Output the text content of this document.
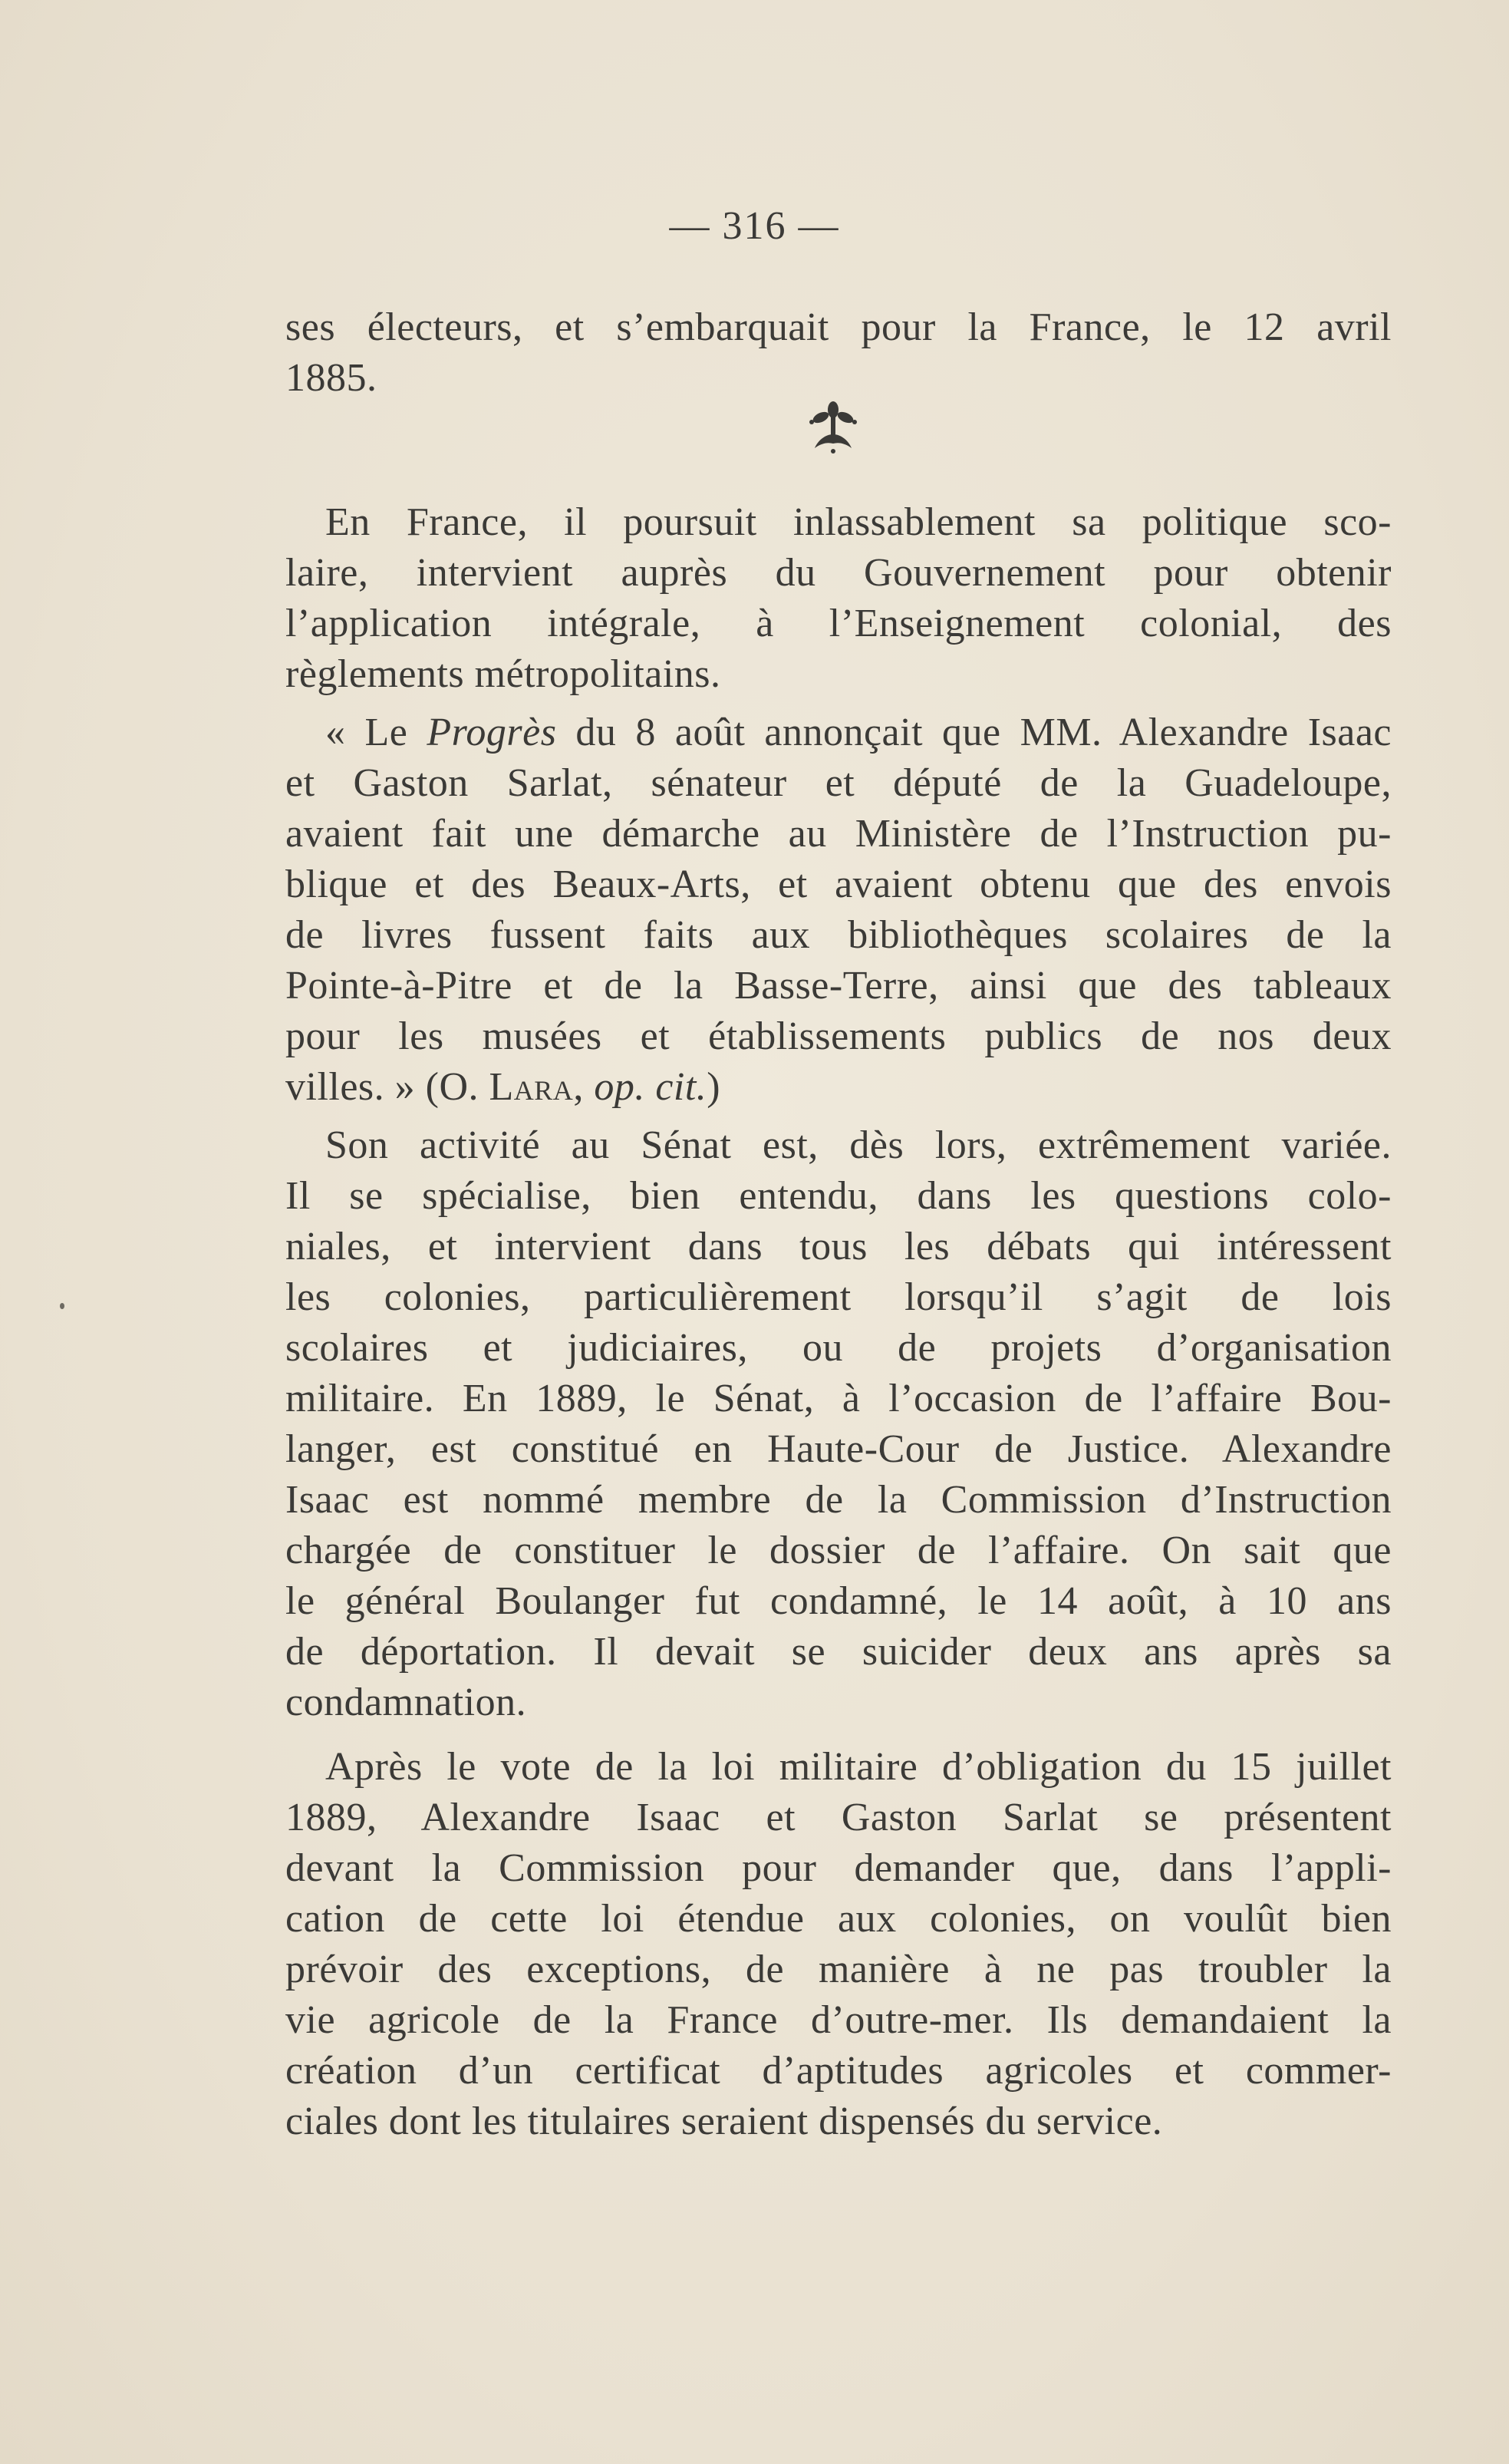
— 316 —

ses électeurs, et s’embarquait pour la France, le 12 avril
1885.
En France, il poursuit inlassablement sa politique sco-
laire, intervient auprès du Gouvernement pour obtenir
l’application intégrale, à l’Enseignement colonial, des
règlements métropolitains.
« Le Progrès du 8 août annonçait que MM. Alexandre Isaac
et Gaston Sarlat, sénateur et député de la Guadeloupe,
avaient fait une démarche au Ministère de l’Instruction pu-
blique et des Beaux-Arts, et avaient obtenu que des envois
de livres fussent faits aux bibliothèques scolaires de la
Pointe-à-Pitre et de la Basse-Terre, ainsi que des tableaux
pour les musées et établissements publics de nos deux
villes. » (O. Lara, op. cit.)
Son activité au Sénat est, dès lors, extrêmement variée.
Il se spécialise, bien entendu, dans les questions colo-
niales, et intervient dans tous les débats qui intéressent
les colonies, particulièrement lorsqu’il s’agit de lois
scolaires et judiciaires, ou de projets d’organisation
militaire. En 1889, le Sénat, à l’occasion de l’affaire Bou-
langer, est constitué en Haute-Cour de Justice. Alexandre
Isaac est nommé membre de la Commission d’Instruction
chargée de constituer le dossier de l’affaire. On sait que
le général Boulanger fut condamné, le 14 août, à 10 ans
de déportation. Il devait se suicider deux ans après sa
condamnation.
Après le vote de la loi militaire d’obligation du 15 juillet
1889, Alexandre Isaac et Gaston Sarlat se présentent
devant la Commission pour demander que, dans l’appli-
cation de cette loi étendue aux colonies, on voulût bien
prévoir des exceptions, de manière à ne pas troubler la
vie agricole de la France d’outre-mer. Ils demandaient la
création d’un certificat d’aptitudes agricoles et commer-
ciales dont les titulaires seraient dispensés du service.
